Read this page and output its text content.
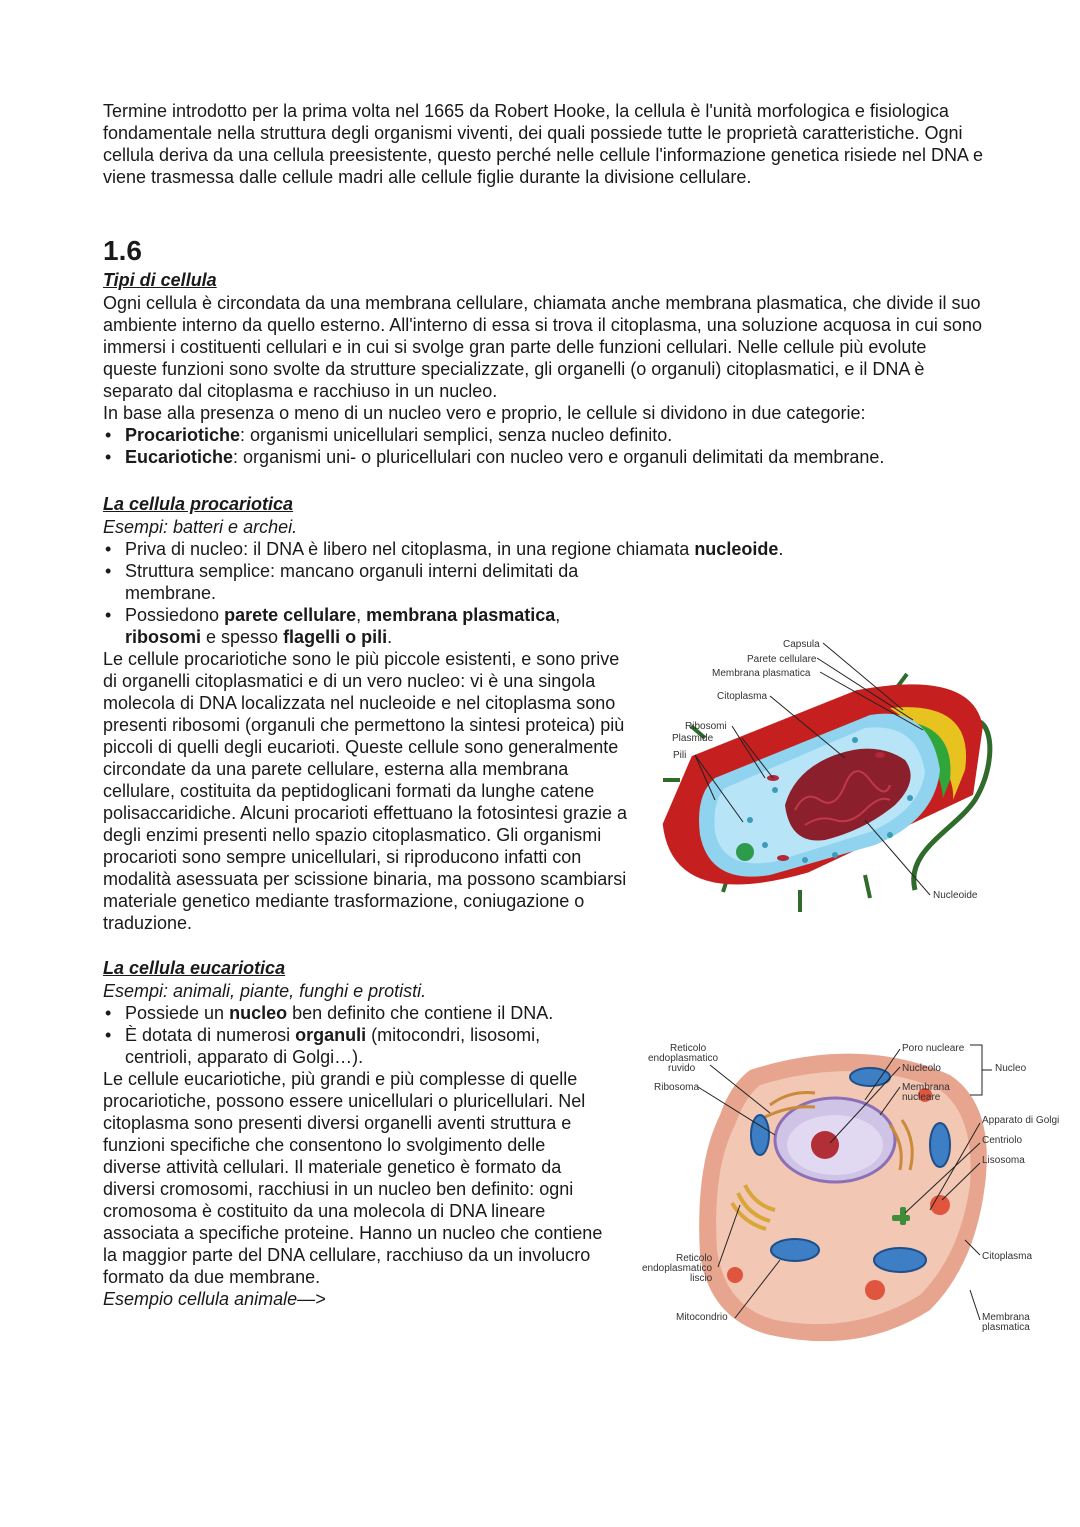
Termine introdotto per la prima volta nel 1665 da Robert Hooke, la cellula è l'unità morfologica e fisiologica fondamentale nella struttura degli organismi viventi, dei quali possiede tutte le proprietà caratteristiche. Ogni cellula deriva da una cellula preesistente, questo perché nelle cellule l'informazione genetica risiede nel DNA e viene trasmessa dalle cellule madri alle cellule figlie durante la divisione cellulare.

1.6

Tipi di cellula

Ogni cellula è circondata da una membrana cellulare, chiamata anche membrana plasmatica, che divide il suo ambiente interno da quello esterno. All'interno di essa si trova il citoplasma, una soluzione acquosa in cui sono immersi i costituenti cellulari e in cui si svolge gran parte delle funzioni cellulari. Nelle cellule più evolute queste funzioni sono svolte da strutture specializzate, gli organelli (o organuli) citoplasmatici, e il DNA è separato dal citoplasma e racchiuso in un nucleo.

In base alla presenza o meno di un nucleo vero e proprio, le cellule si dividono in due categorie:

• Procariotiche: organismi unicellulari semplici, senza nucleo definito.
• Eucariotiche: organismi uni- o pluricellulari con nucleo vero e organuli delimitati da membrane.

La cellula procariotica

Esempi: batteri e archei.

• Priva di nucleo: il DNA è libero nel citoplasma, in una regione chiamata nucleoide.
• Struttura semplice: mancano organuli interni delimitati da membrane.
• Possiedono parete cellulare, membrana plasmatica, ribosomi e spesso flagelli o pili.

Le cellule procariotiche sono le più piccole esistenti, e sono prive di organelli citoplasmatici e di un vero nucleo: vi è una singola molecola di DNA localizzata nel nucleoide e nel citoplasma sono presenti ribosomi (organuli che permettono la sintesi proteica) più piccoli di quelli degli eucarioti. Queste cellule sono generalmente circondate da una parete cellulare, esterna alla membrana cellulare, costituita da peptidoglicani formati da lunghe catene polisaccaridiche. Alcuni procarioti effettuano la fotosintesi grazie a degli enzimi presenti nello spazio citoplasmatico. Gli organismi procarioti sono sempre unicellulari, si riproducono infatti con modalità asessuata per scissione binaria, ma possono scambiarsi materiale genetico mediante trasformazione, coniugazione o traduzione.

La cellula eucariotica

Esempi: animali, piante, funghi e protisti.

• Possiede un nucleo ben definito che contiene il DNA.
• È dotata di numerosi organuli (mitocondri, lisosomi, centrioli, apparato di Golgi…).

Le cellule eucariotiche, più grandi e più complesse di quelle procariotiche, possono essere unicellulari o pluricellulari. Nel citoplasma sono presenti diversi organelli aventi struttura e funzioni specifiche che consentono lo svolgimento delle diverse attività cellulari. Il materiale genetico è formato da diversi cromosomi, racchiusi in un nucleo ben definito: ogni cromosoma è costituito da una molecola di DNA lineare associata a specifiche proteine. Hanno un nucleo che contiene la maggior parte del DNA cellulare, racchiuso da un involucro formato da due membrane.

Esempio cellula animale—>

Capsula
Parete cellulare
Membrana plasmatica
Citoplasma
Ribosomi
Plasmide
Pili
Nucleoide
Reticolo
endoplasmatico
ruvido
Ribosoma
Poro nucleare
Nucleolo
Membrana
nucleare
Nucleo
Apparato di Golgi
Centriolo
Lisosoma
Citoplasma
Reticolo
endoplasmatico
liscio
Mitocondrio	Membrana
plasmatica
